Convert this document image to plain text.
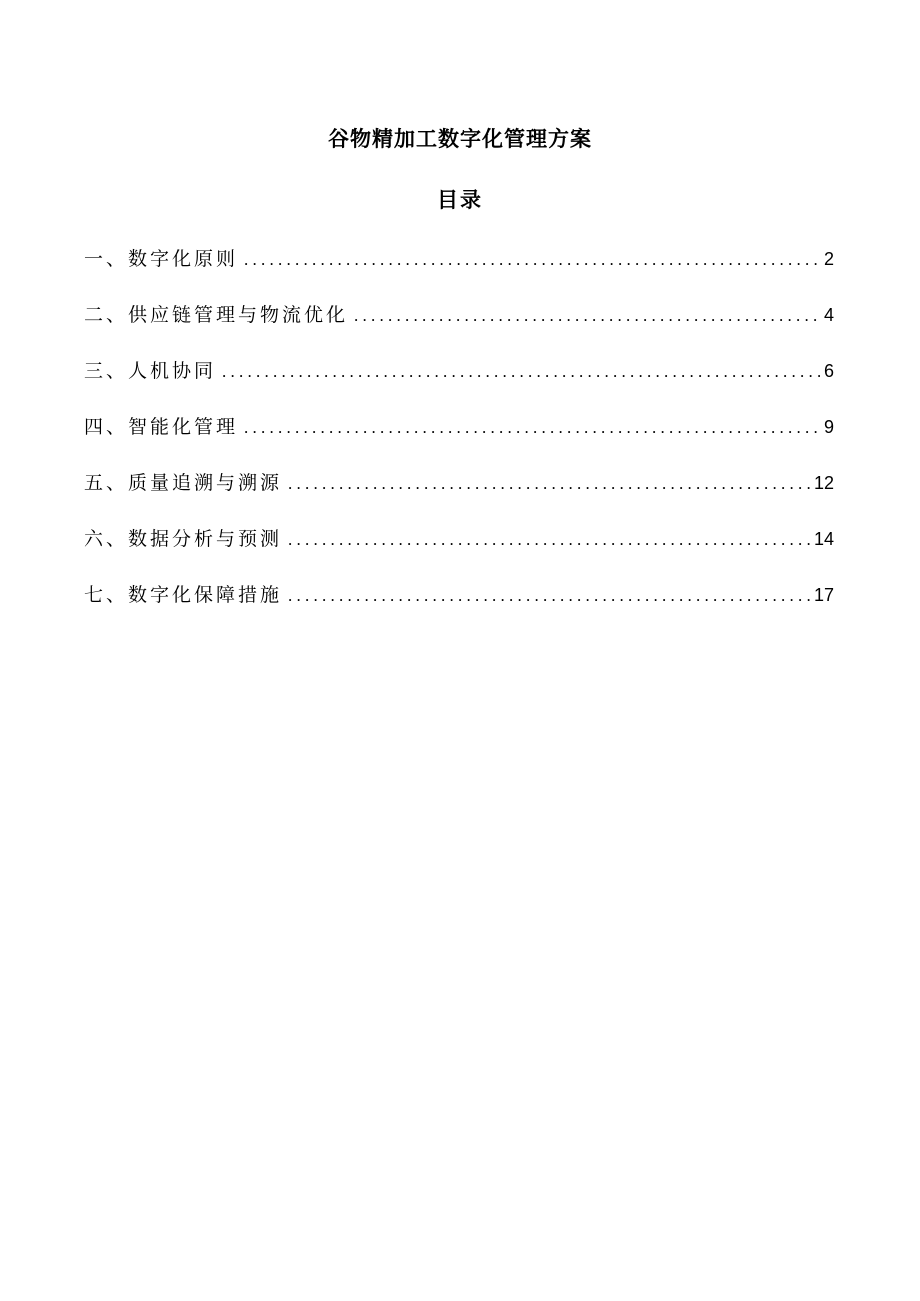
谷物精加工数字化管理方案
目录
一、数字化原则 . . .	2
二、供应链管理与物流优化 . . .	4
三、人机协同 . . .	6
四、智能化管理 . . .	9
五、质量追溯与溯源 . . .	12
六、数据分析与预测 . . .	14
七、数字化保障措施 . . .	17
